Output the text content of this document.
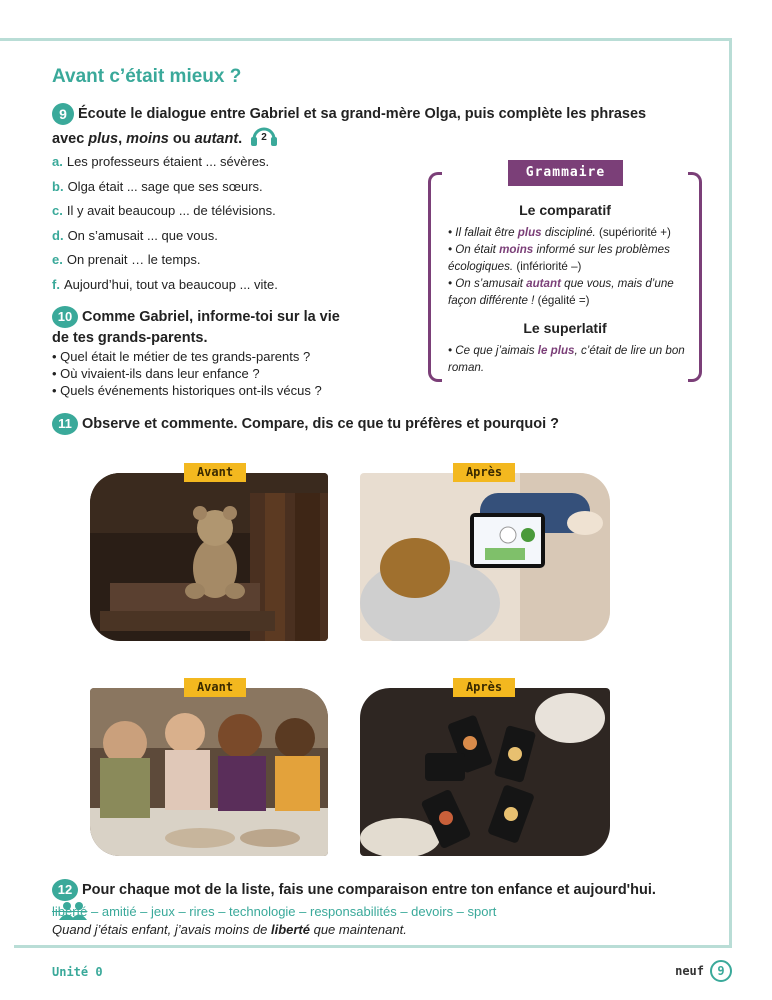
Avant c’était mieux ?
9 Écoute le dialogue entre Gabriel et sa grand-mère Olga, puis complète les phrases
avec plus, moins ou autant. 2
a. Les professeurs étaient ... sévères.
b. Olga était ... sage que ses sœurs.
c. Il y avait beaucoup ... de télévisions.
d. On s’amusait ... que vous.
e. On prenait … le temps.
f. Aujourd’hui, tout va beaucoup ... vite.
10 Comme Gabriel, informe-toi sur la vie
de tes grands-parents.
• Quel était le métier de tes grands-parents ?
• Où vivaient-ils dans leur enfance ?
• Quels événements historiques ont-ils vécus ?
Grammaire
Le comparatif
• Il fallait être plus discipliné. (supériorité +)
• On était moins informé sur les problèmes écologiques. (infériorité –)
• On s’amusait autant que vous, mais d’une façon différente ! (égalité =)
Le superlatif
• Ce que j’aimais le plus, c’était de lire un bon roman.
11 Observe et commente. Compare, dis ce que tu préfères et pourquoi ?
Avant	Après
Avant	Après
12 Pour chaque mot de la liste, fais une comparaison entre ton enfance et aujourd'hui.
liberté – amitié – jeux – rires – technologie – responsabilités – devoirs – sport
Quand j’étais enfant, j’avais moins de liberté que maintenant.
Unité 0	neuf	9
